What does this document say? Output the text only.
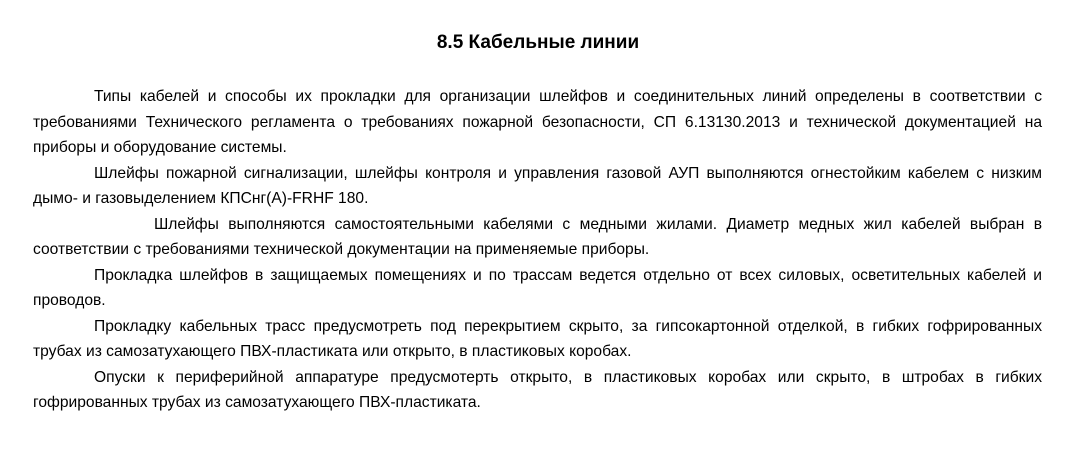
8.5 Кабельные линии

Типы кабелей и способы их прокладки для организации шлейфов и соединительных линий определены в соответствии с требованиями Технического регламента о требованиях пожарной безопасности, СП 6.13130.2013 и технической документацией на приборы и оборудование системы.

Шлейфы пожарной сигнализации, шлейфы контроля и управления газовой АУП выполняются огнестойким кабелем с низким дымо- и газовыделением КПСнг(А)-FRHF 180.

Шлейфы выполняются самостоятельными кабелями с медными жилами. Диаметр медных жил кабелей выбран в соответствии с требованиями технической документации на применяемые приборы.

Прокладка шлейфов в защищаемых помещениях и по трассам ведется отдельно от всех силовых, осветительных кабелей и проводов.

Прокладку кабельных трасс предусмотреть под перекрытием скрыто, за гипсокартонной отделкой, в гибких гофрированных трубах из самозатухающего ПВХ-пластиката или открыто, в пластиковых коробах.

Опуски к периферийной аппаратуре предусмотерть открыто, в пластиковых коробах или скрыто, в штробах в гибких гофрированных трубах из самозатухающего ПВХ-пластиката.
